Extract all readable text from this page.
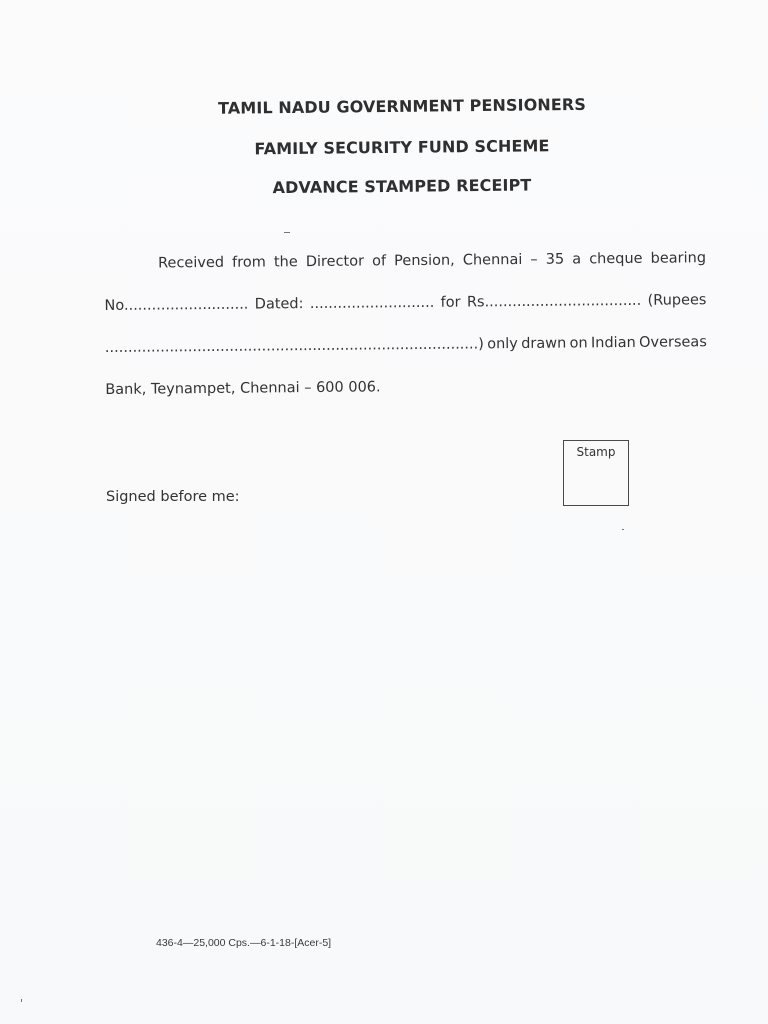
TAMIL NADU GOVERNMENT PENSIONERS
FAMILY SECURITY FUND SCHEME
ADVANCE STAMPED RECEIPT
Received from the Director of Pension, Chennai – 35 a cheque bearing
No........................... Dated: ........................... for Rs.................................. (Rupees
.................................................................................) only drawn on Indian Overseas
Bank, Teynampet, Chennai – 600 006.
Stamp
Signed before me:
436-4—25,000 Cps.—6-1-18-[Acer-5]
